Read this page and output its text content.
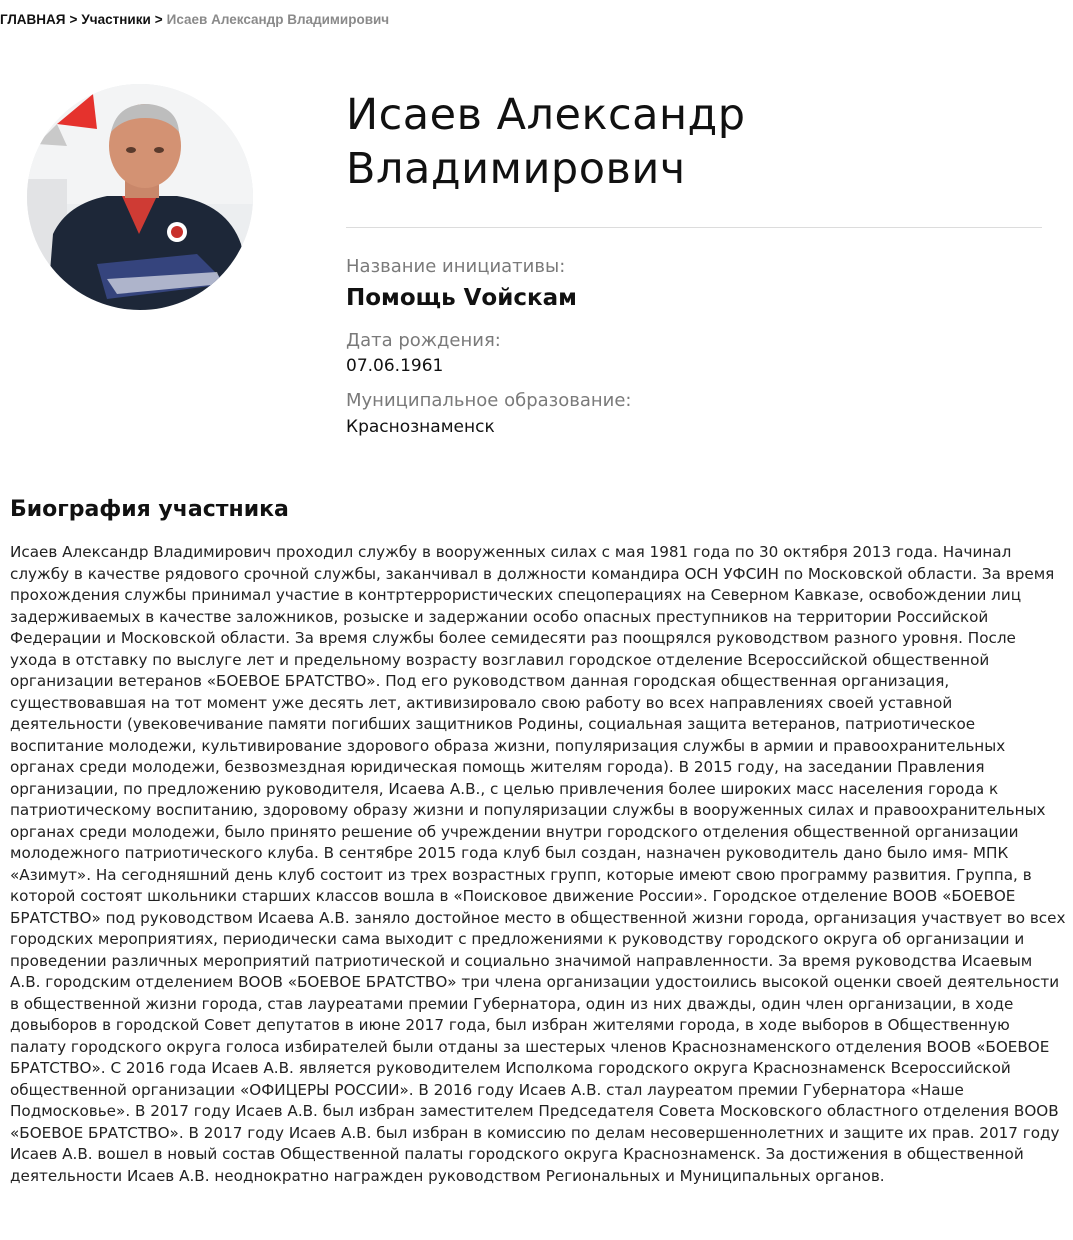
ГЛАВНАЯ > Участники > Исаев Александр Владимирович
Исаев Александр
Владимирович
Название инициативы:
Помощь Vойскам
Дата рождения:
07.06.1961
Муниципальное образование:
Краснознаменск
Биография участника
Исаев Александр Владимирович проходил службу в вооруженных силах с мая 1981 года по 30 октября 2013 года. Начинал службу в качестве рядового срочной службы, заканчивал в должности командира ОСН УФСИН по Московской области. За время прохождения службы принимал участие в контртеррористических спецоперациях на Северном Кавказе, освобождении лиц задерживаемых в качестве заложников, розыске и задержании особо опасных преступников на территории Российской Федерации и Московской области. За время службы более семидесяти раз поощрялся руководством разного уровня. После ухода в отставку по выслуге лет и предельному возрасту возглавил городское отделение Всероссийской общественной организации ветеранов «БОЕВОЕ БРАТСТВО». Под его руководством данная городская общественная организация, существовавшая на тот момент уже десять лет, активизировало свою работу во всех направлениях своей уставной деятельности (увековечивание памяти погибших защитников Родины, социальная защита ветеранов, патриотическое воспитание молодежи, культивирование здорового образа жизни, популяризация службы в армии и правоохранительных органах среди молодежи, безвозмездная юридическая помощь жителям города). В 2015 году, на заседании Правления организации, по предложению руководителя, Исаева А.В., с целью привлечения более широких масс населения города к патриотическому воспитанию, здоровому образу жизни и популяризации службы в вооруженных силах и правоохранительных органах среди молодежи, было принято решение об учреждении внутри городского отделения общественной организации молодежного патриотического клуба. В сентябре 2015 года клуб был создан, назначен руководитель дано было имя- МПК «Азимут». На сегодняшний день клуб состоит из трех возрастных групп, которые имеют свою программу развития. Группа, в которой состоят школьники старших классов вошла в «Поисковое движение России». Городское отделение ВООВ «БОЕВОЕ БРАТСТВО» под руководством Исаева А.В. заняло достойное место в общественной жизни города, организация участвует во всех городских мероприятиях, периодически сама выходит с предложениями к руководству городского округа об организации и проведении различных мероприятий патриотической и социально значимой направленности. За время руководства Исаевым А.В. городским отделением ВООВ «БОЕВОЕ БРАТСТВО» три члена организации удостоились высокой оценки своей деятельности в общественной жизни города, став лауреатами премии Губернатора, один из них дважды, один член организации, в ходе довыборов в городской Совет депутатов в июне 2017 года, был избран жителями города, в ходе выборов в Общественную палату городского округа голоса избирателей были отданы за шестерых членов Краснознаменского отделения ВООВ «БОЕВОЕ БРАТСТВО». С 2016 года Исаев А.В. является руководителем Исполкома городского округа Краснознаменск Всероссийской общественной организации «ОФИЦЕРЫ РОССИИ». В 2016 году Исаев А.В. стал лауреатом премии Губернатора «Наше Подмосковье». В 2017 году Исаев А.В. был избран заместителем Председателя Совета Московского областного отделения ВООВ «БОЕВОЕ БРАТСТВО». В 2017 году Исаев А.В. был избран в комиссию по делам несовершеннолетних и защите их прав. 2017 году Исаев А.В. вошел в новый состав Общественной палаты городского округа Краснознаменск. За достижения в общественной деятельности Исаев А.В. неоднократно награжден руководством Региональных и Муниципальных органов.
